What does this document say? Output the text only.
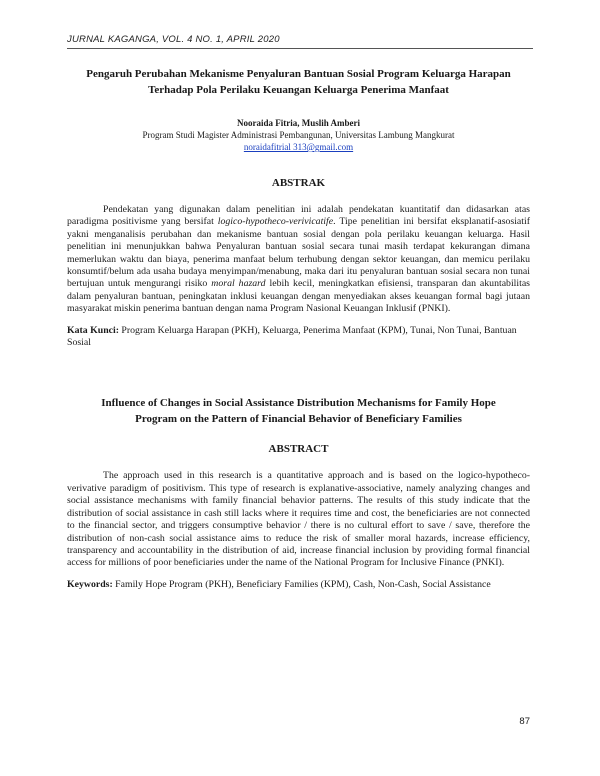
JURNAL KAGANGA, VOL. 4 NO. 1, APRIL 2020
Pengaruh Perubahan Mekanisme Penyaluran Bantuan Sosial Program Keluarga Harapan
Terhadap Pola Perilaku Keuangan Keluarga Penerima Manfaat
Nooraida Fitria, Muslih Amberi
Program Studi Magister Administrasi Pembangunan, Universitas Lambung Mangkurat
noraidafitrial 313@gmail.com
ABSTRAK

Pendekatan yang digunakan dalam penelitian ini adalah pendekatan kuantitatif dan didasarkan atas paradigma positivisme yang bersifat logico-hypotheco-verivicatife. Tipe penelitian ini bersifat eksplanatif-asosiatif yakni menganalisis perubahan dan mekanisme bantuan sosial dengan pola perilaku keuangan keluarga. Hasil penelitian ini menunjukkan bahwa Penyaluran bantuan sosial secara tunai masih terdapat kekurangan dimana memerlukan waktu dan biaya, penerima manfaat belum terhubung dengan sektor keuangan, dan memicu perilaku konsumtif/belum ada usaha budaya menyimpan/menabung, maka dari itu penyaluran bantuan sosial secara non tunai bertujuan untuk mengurangi risiko moral hazard lebih kecil, meningkatkan efisiensi, transparan dan akuntabilitas dalam penyaluran bantuan, peningkatan inklusi keuangan dengan menyediakan akses keuangan formal bagi jutaan masyarakat miskin penerima bantuan dengan nama Program Nasional Keuangan Inklusif (PNKI).

Kata Kunci: Program Keluarga Harapan (PKH), Keluarga, Penerima Manfaat (KPM), Tunai, Non Tunai, Bantuan Sosial
Influence of Changes in Social Assistance Distribution Mechanisms for Family Hope
Program on the Pattern of Financial Behavior of Beneficiary Families
ABSTRACT

The approach used in this research is a quantitative approach and is based on the logico-hypotheco-verivative paradigm of positivism. This type of research is explanative-associative, namely analyzing changes and social assistance mechanisms with family financial behavior patterns. The results of this study indicate that the distribution of social assistance in cash still lacks where it requires time and cost, the beneficiaries are not connected to the financial sector, and triggers consumptive behavior / there is no cultural effort to save / save, therefore the distribution of non-cash social assistance aims to reduce the risk of smaller moral hazards, increase efficiency, transparency and accountability in the distribution of aid, increase financial inclusion by providing formal financial access for millions of poor beneficiaries under the name of the National Program for Inclusive Finance (PNKI).

Keywords: Family Hope Program (PKH), Beneficiary Families (KPM), Cash, Non-Cash, Social Assistance
87
